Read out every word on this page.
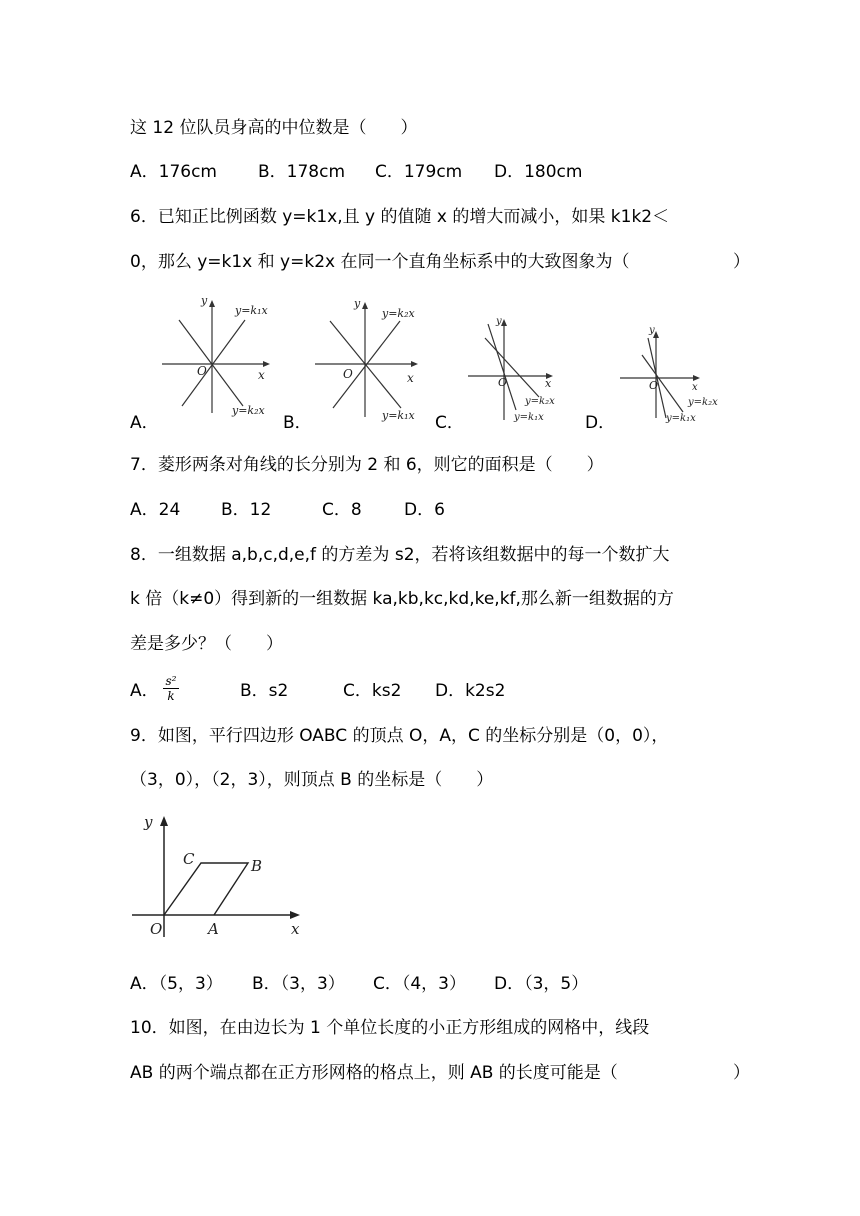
这 12 位队员身高的中位数是（　　）
A．176cm B．178cm C．179cm D．180cm
6．已知正比例函数 y=k1x,且 y 的值随 x 的增大而减小，如果 k1k2＜
0，那么 y=k1x 和 y=k2x 在同一个直角坐标系中的大致图象为（	）
y
y=k₁x
O	x
y=k₂x
A．
y
y=k₂x
O	x
y=k₁x
B．
y
O	x
y=k₂x
y=k₁x
C．
y
O	x
y=k₂x
y=k₁x
D．
7．菱形两条对角线的长分别为 2 和 6，则它的面积是（　　）
A．24 B．12	C．8 D．6
8．一组数据 a,b,c,d,e,f 的方差为 s2，若将该组数据中的每一个数扩大
k 倍（k≠0）得到新的一组数据 ka,kb,kc,kd,ke,kf,那么新一组数据的方
差是多少？（　　）
A． s²
k	B．s2	C．ks2 D．k2s2
9．如图，平行四边形 OABC 的顶点 O，A，C 的坐标分别是（0，0），
（3，0），（2，3），则顶点 B 的坐标是（　　）
y
C	B
O	A	x
A．（5，3） B．（3，3） C．（4，3） D．（3，5）
10．如图，在由边长为 1 个单位长度的小正方形组成的网格中，线段
AB 的两个端点都在正方形网格的格点上，则 AB 的长度可能是（	）
